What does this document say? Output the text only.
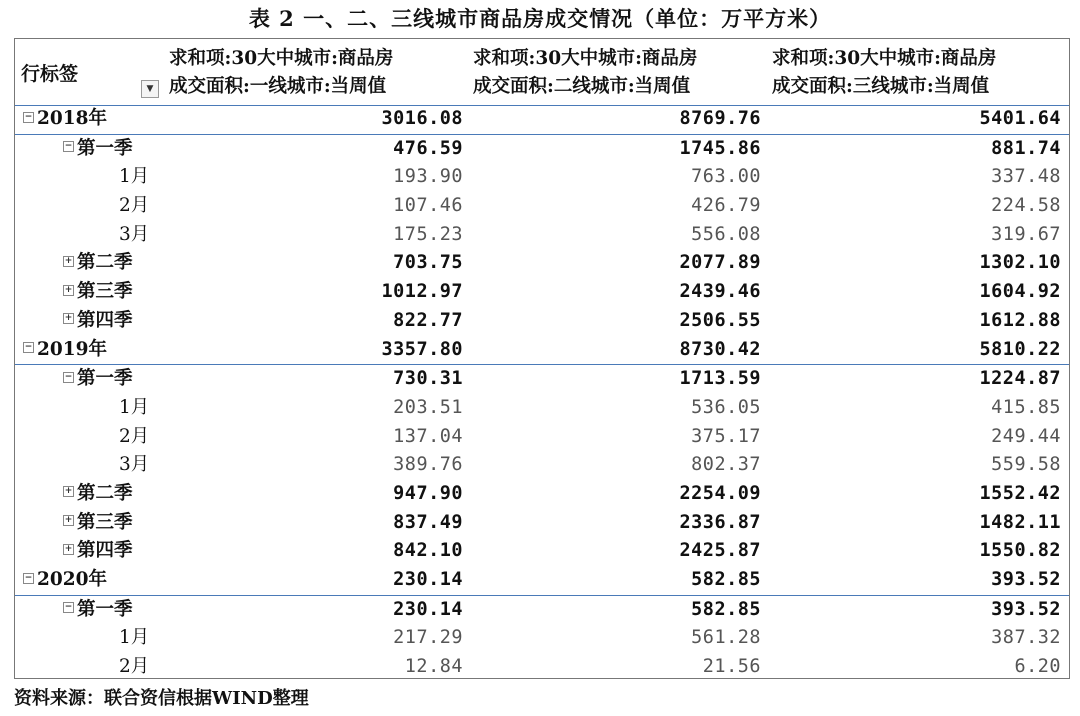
表 2 一、二、三线城市商品房成交情况（单位：万平方米）
行标签
▼
求和项:30大中城市:商品房
成交面积:一线城市:当周值
求和项:30大中城市:商品房
成交面积:二线城市:当周值
求和项:30大中城市:商品房
成交面积:三线城市:当周值
− 2018年	3016.08	8769.76	5401.64
− 第一季	476.59	1745.86	881.74
1月	193.90	763.00	337.48
2月	107.46	426.79	224.58
3月	175.23	556.08	319.67
+ 第二季	703.75	2077.89	1302.10
+ 第三季	1012.97	2439.46	1604.92
+ 第四季	822.77	2506.55	1612.88
− 2019年	3357.80	8730.42	5810.22
− 第一季	730.31	1713.59	1224.87
1月	203.51	536.05	415.85
2月	137.04	375.17	249.44
3月	389.76	802.37	559.58
+ 第二季	947.90	2254.09	1552.42
+ 第三季	837.49	2336.87	1482.11
+ 第四季	842.10	2425.87	1550.82
− 2020年	230.14	582.85	393.52
− 第一季	230.14	582.85	393.52
1月	217.29	561.28	387.32
2月	12.84	21.56	6.20
资料来源：联合资信根据WIND整理
